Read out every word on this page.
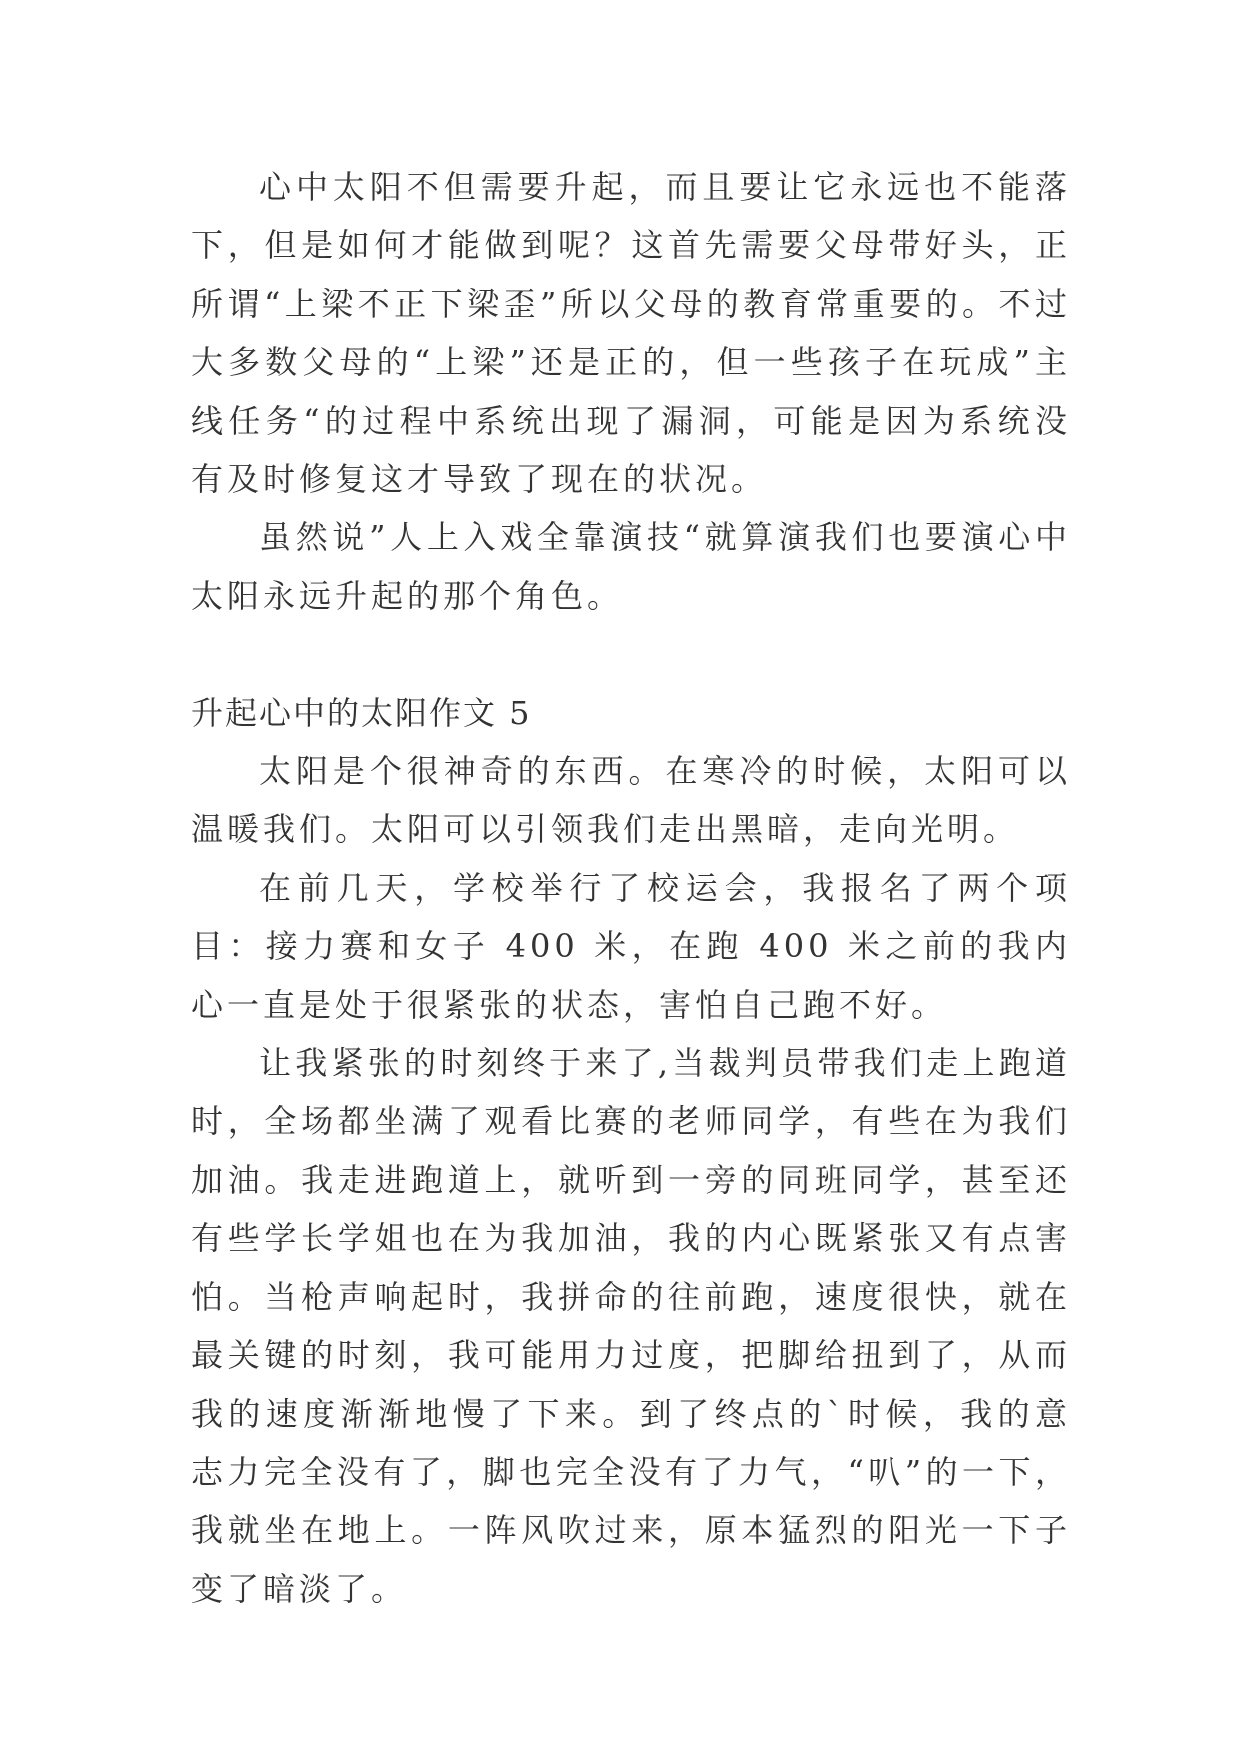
心中太阳不但需要升起，而且要让它永远也不能落下，但是如何才能做到呢？这首先需要父母带好头，正所谓“上梁不正下梁歪”所以父母的教育常重要的。不过大多数父母的“上梁”还是正的，但一些孩子在玩成”主线任务“的过程中系统出现了漏洞，可能是因为系统没有及时修复这才导致了现在的状况。

虽然说”人上入戏全靠演技“就算演我们也要演心中太阳永远升起的那个角色。

升起心中的太阳作文 5

太阳是个很神奇的东西。在寒冷的时候，太阳可以温暖我们。太阳可以引领我们走出黑暗，走向光明。

在前几天，学校举行了校运会，我报名了两个项目：接力赛和女子 400 米，在跑 400 米之前的我内心一直是处于很紧张的状态，害怕自己跑不好。

让我紧张的时刻终于来了,当裁判员带我们走上跑道时，全场都坐满了观看比赛的老师同学，有些在为我们加油。我走进跑道上，就听到一旁的同班同学，甚至还有些学长学姐也在为我加油，我的内心既紧张又有点害怕。当枪声响起时，我拼命的往前跑，速度很快，就在最关键的时刻，我可能用力过度，把脚给扭到了，从而我的速度渐渐地慢了下来。到了终点的`时候，我的意志力完全没有了，脚也完全没有了力气，“叭”的一下，我就坐在地上。一阵风吹过来，原本猛烈的阳光一下子变了暗淡了。
